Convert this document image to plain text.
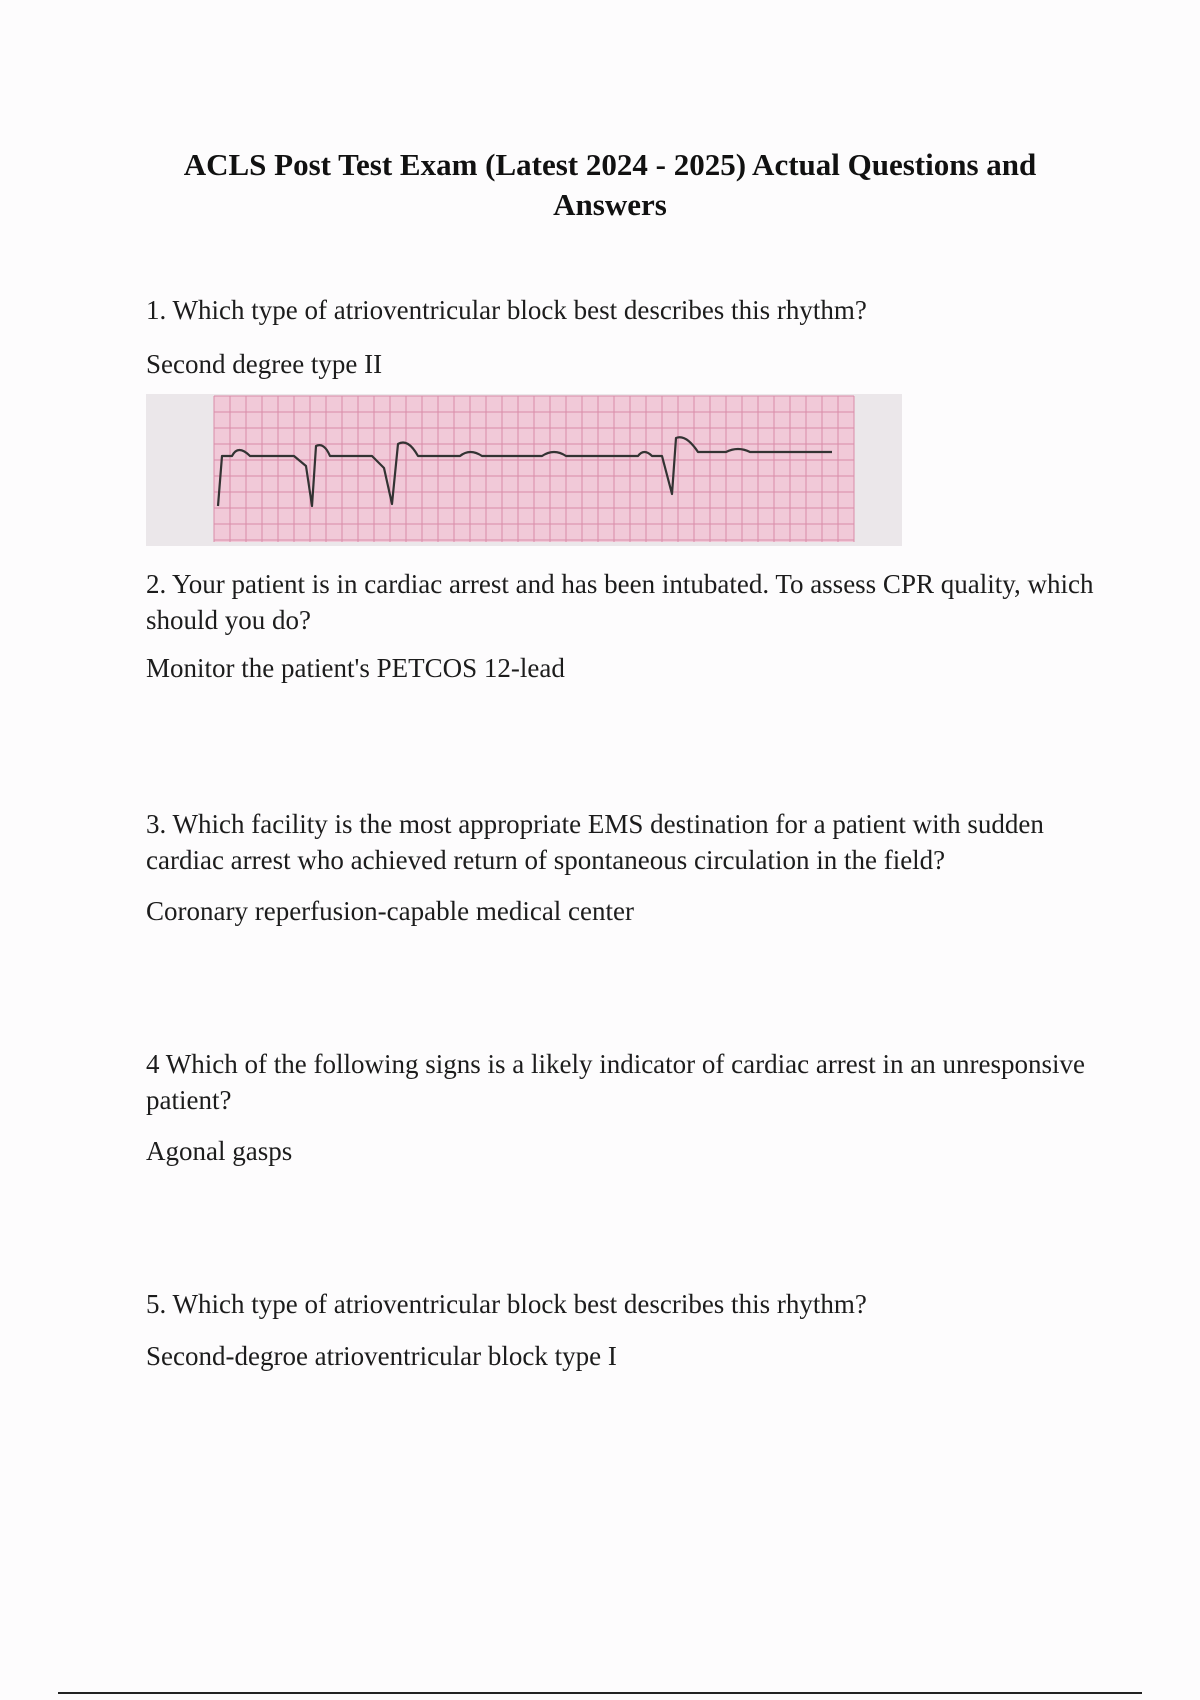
ACLS Post Test Exam (Latest 2024 - 2025) Actual Questions and Answers
1. Which type of atrioventricular block best describes this rhythm?
Second degree type II
2. Your patient is in cardiac arrest and has been intubated. To assess CPR quality, which should you do?
Monitor the patient's PETCOS 12-lead
3. Which facility is the most appropriate EMS destination for a patient with sudden cardiac arrest who achieved return of spontaneous circulation in the field?
Coronary reperfusion-capable medical center
4 Which of the following signs is a likely indicator of cardiac arrest in an unresponsive patient?
Agonal gasps
5. Which type of atrioventricular block best describes this rhythm?
Second-degroe atrioventricular block type I
